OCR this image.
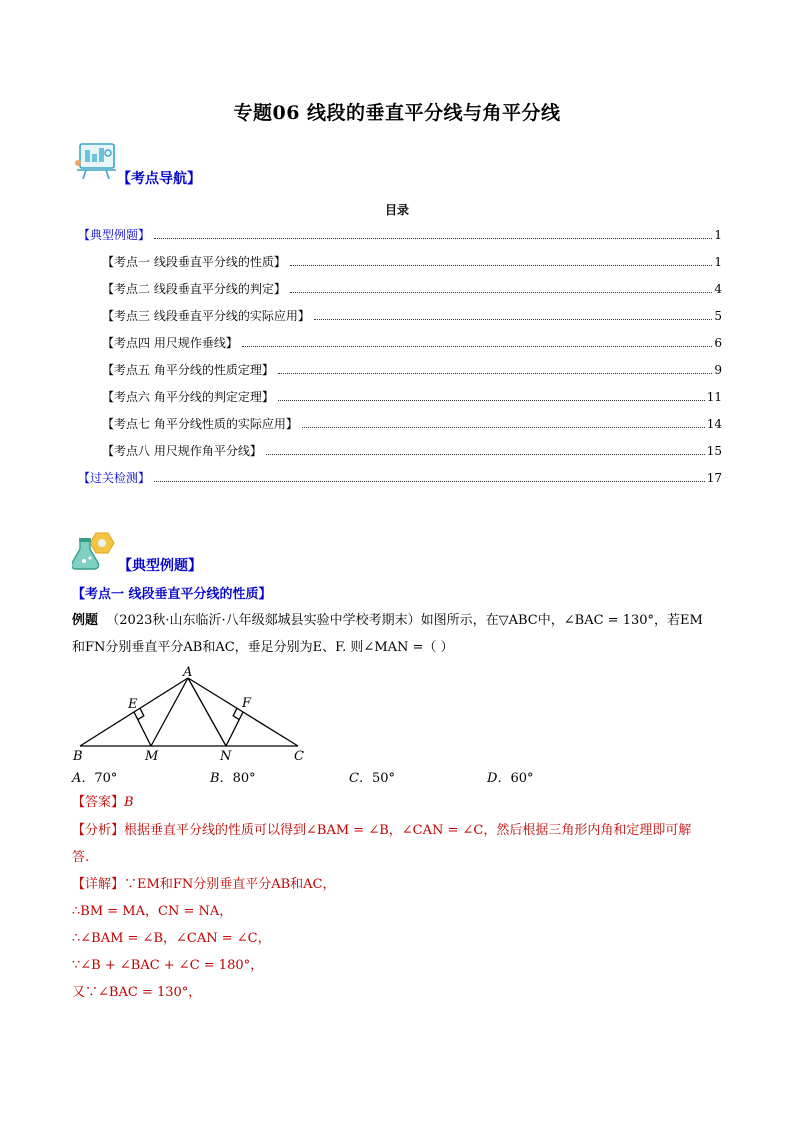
专题06 线段的垂直平分线与角平分线
【考点导航】
目录
【典型例题】	1
【考点一 线段垂直平分线的性质】	1
【考点二 线段垂直平分线的判定】	4
【考点三 线段垂直平分线的实际应用】	5
【考点四 用尺规作垂线】	6
【考点五 角平分线的性质定理】	9
【考点六 角平分线的判定定理】	11
【考点七 角平分线性质的实际应用】	14
【考点八 用尺规作角平分线】	15
【过关检测】	17
【典型例题】
【考点一 线段垂直平分线的性质】
例题 （2023秋·山东临沂·八年级郯城县实验中学校考期末）如图所示，在▽ABC中，∠BAC = 130°，若EM
和FN分别垂直平分AB和AC，垂足分别为E、F. 则∠MAN =（ ）
A
B	C
E	F
M	N
A．70°	B．80°	C．50°	D．60°
【答案】B
【分析】根据垂直平分线的性质可以得到∠BAM = ∠B，∠CAN = ∠C，然后根据三角形内角和定理即可解
答.
【详解】∵EM和FN分别垂直平分AB和AC，
∴BM = MA，CN = NA，
∴∠BAM = ∠B，∠CAN = ∠C，
∵∠B + ∠BAC + ∠C = 180°，
又∵∠BAC = 130°，
